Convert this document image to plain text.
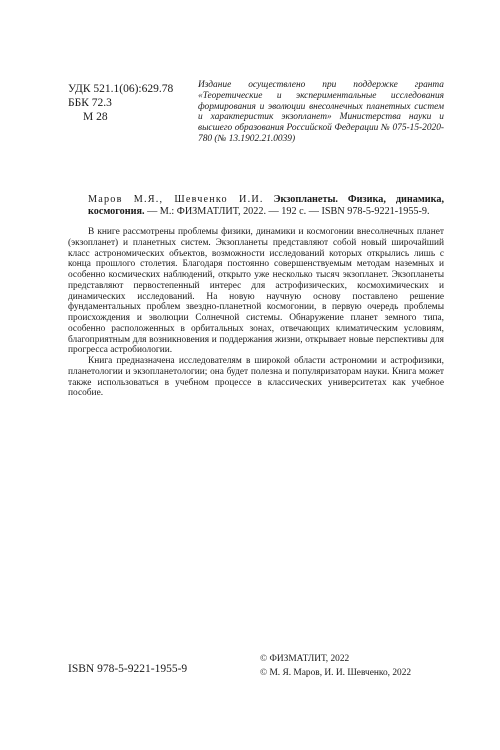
УДК 521.1(06):629.78
ББК 72.3
М 28
Издание осуществлено при поддержке гранта «Теоретические и экспериментальные исследования формирования и эволюции внесолнечных планетных систем и характеристик экзопланет» Министерства науки и высшего образования Российской Федерации № 075-15-2020-780 (№ 13.1902.21.0039)
Маров М.Я., Шевченко И.И. Экзопланеты. Физика, динамика, космогония. — М.: ФИЗМАТЛИТ, 2022. — 192 с. — ISBN 978-5-9221-1955-9.

В книге рассмотрены проблемы физики, динамики и космогонии внесолнечных планет (экзопланет) и планетных систем. Экзопланеты представляют собой новый широчайший класс астрономических объектов, возможности исследований которых открылись лишь с конца прошлого столетия. Благодаря постоянно совершенствуемым методам наземных и особенно космических наблюдений, открыто уже несколько тысяч экзопланет. Экзопланеты представляют первостепенный интерес для астрофизических, космохимических и динамических исследований. На новую научную основу поставлено решение фундаментальных проблем звездно-планетной космогонии, в первую очередь проблемы происхождения и эволюции Солнечной системы. Обнаружение планет земного типа, особенно расположенных в орбитальных зонах, отвечающих климатическим условиям, благоприятным для возникновения и поддержания жизни, открывает новые перспективы для прогресса астробиологии.

Книга предназначена исследователям в широкой области астрономии и астрофизики, планетологии и экзопланетологии; она будет полезна и популяризаторам науки. Книга может также использоваться в учебном процессе в классических университетах как учебное пособие.

ISBN 978-5-9221-1955-9
© ФИЗМАТЛИТ, 2022
© М. Я. Маров, И. И. Шевченко, 2022
